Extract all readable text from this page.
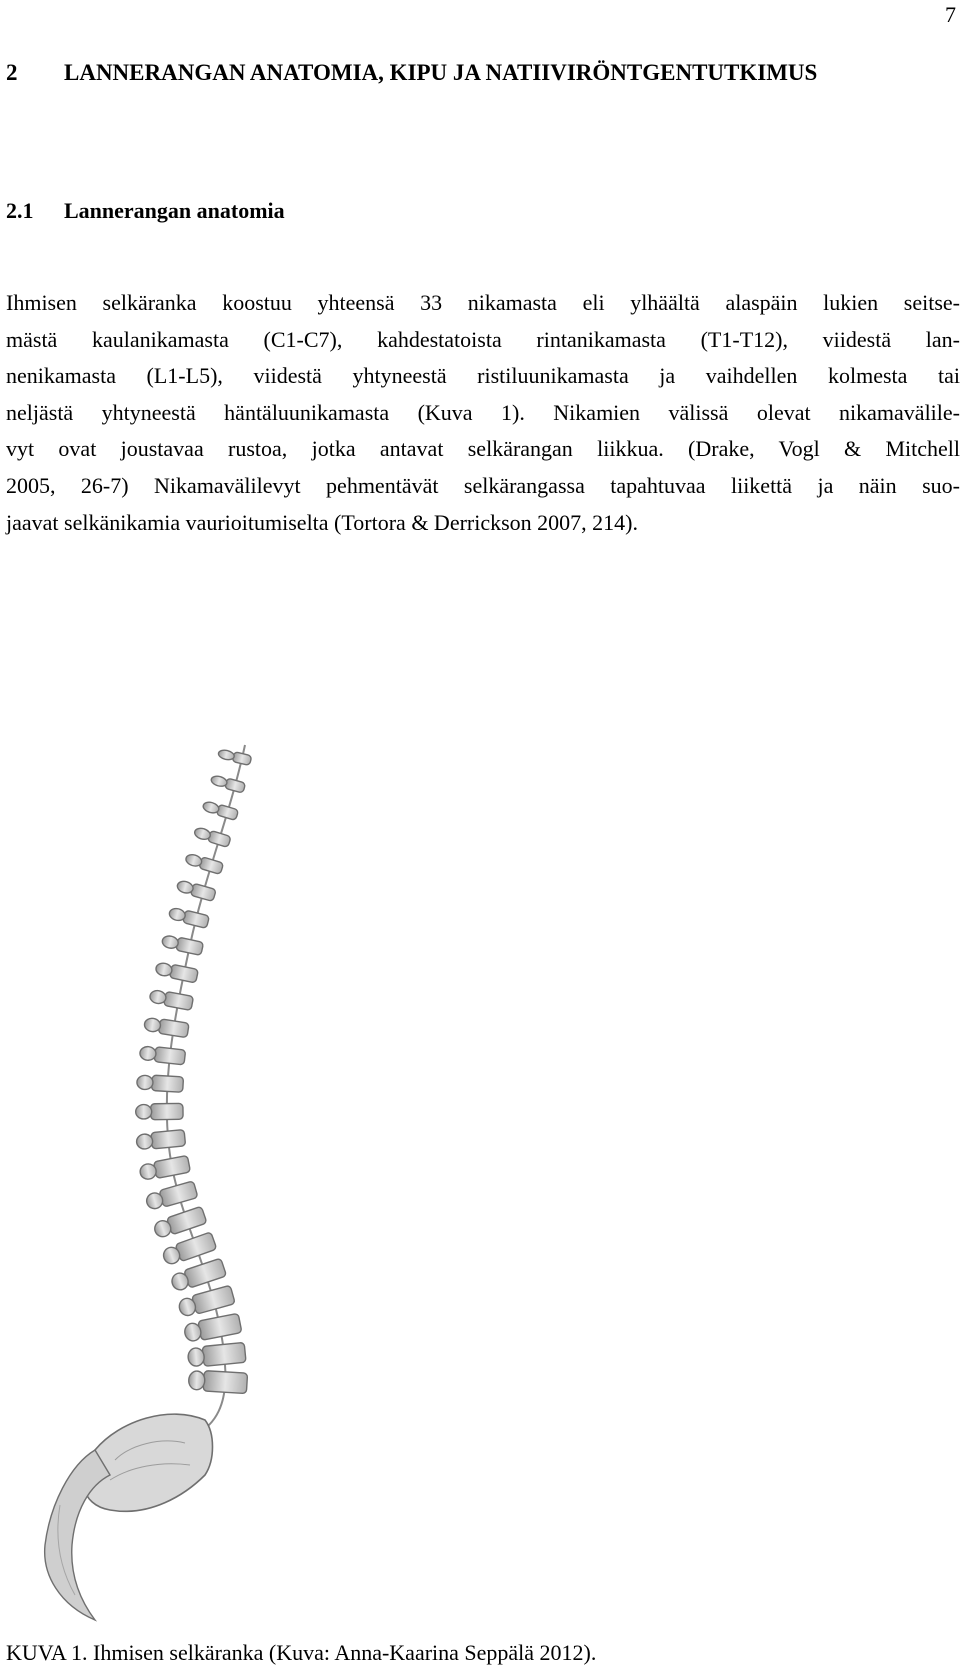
7
2 LANNERANGAN ANATOMIA, KIPU JA NATIIVIRÖNTGENTUTKIMUS
2.1 Lannerangan anatomia

Ihmisen selkäranka koostuu yhteensä 33 nikamasta eli ylhäältä alaspäin lukien seitse-
mästä kaulanikamasta (C1-C7), kahdestatoista rintanikamasta (T1-T12), viidestä lan-
nenikamasta (L1-L5), viidestä yhtyneestä ristiluunikamasta ja vaihdellen kolmesta tai
neljästä yhtyneestä häntäluunikamasta (Kuva 1). Nikamien välissä olevat nikamavälile-
vyt ovat joustavaa rustoa, jotka antavat selkärangan liikkua. (Drake, Vogl & Mitchell
2005, 26-7) Nikamavälilevyt pehmentävät selkärangassa tapahtuvaa liikettä ja näin suo-
jaavat selkänikamia vaurioitumiselta (Tortora & Derrickson 2007, 214).

KUVA 1. Ihmisen selkäranka (Kuva: Anna-Kaarina Seppälä 2012).
